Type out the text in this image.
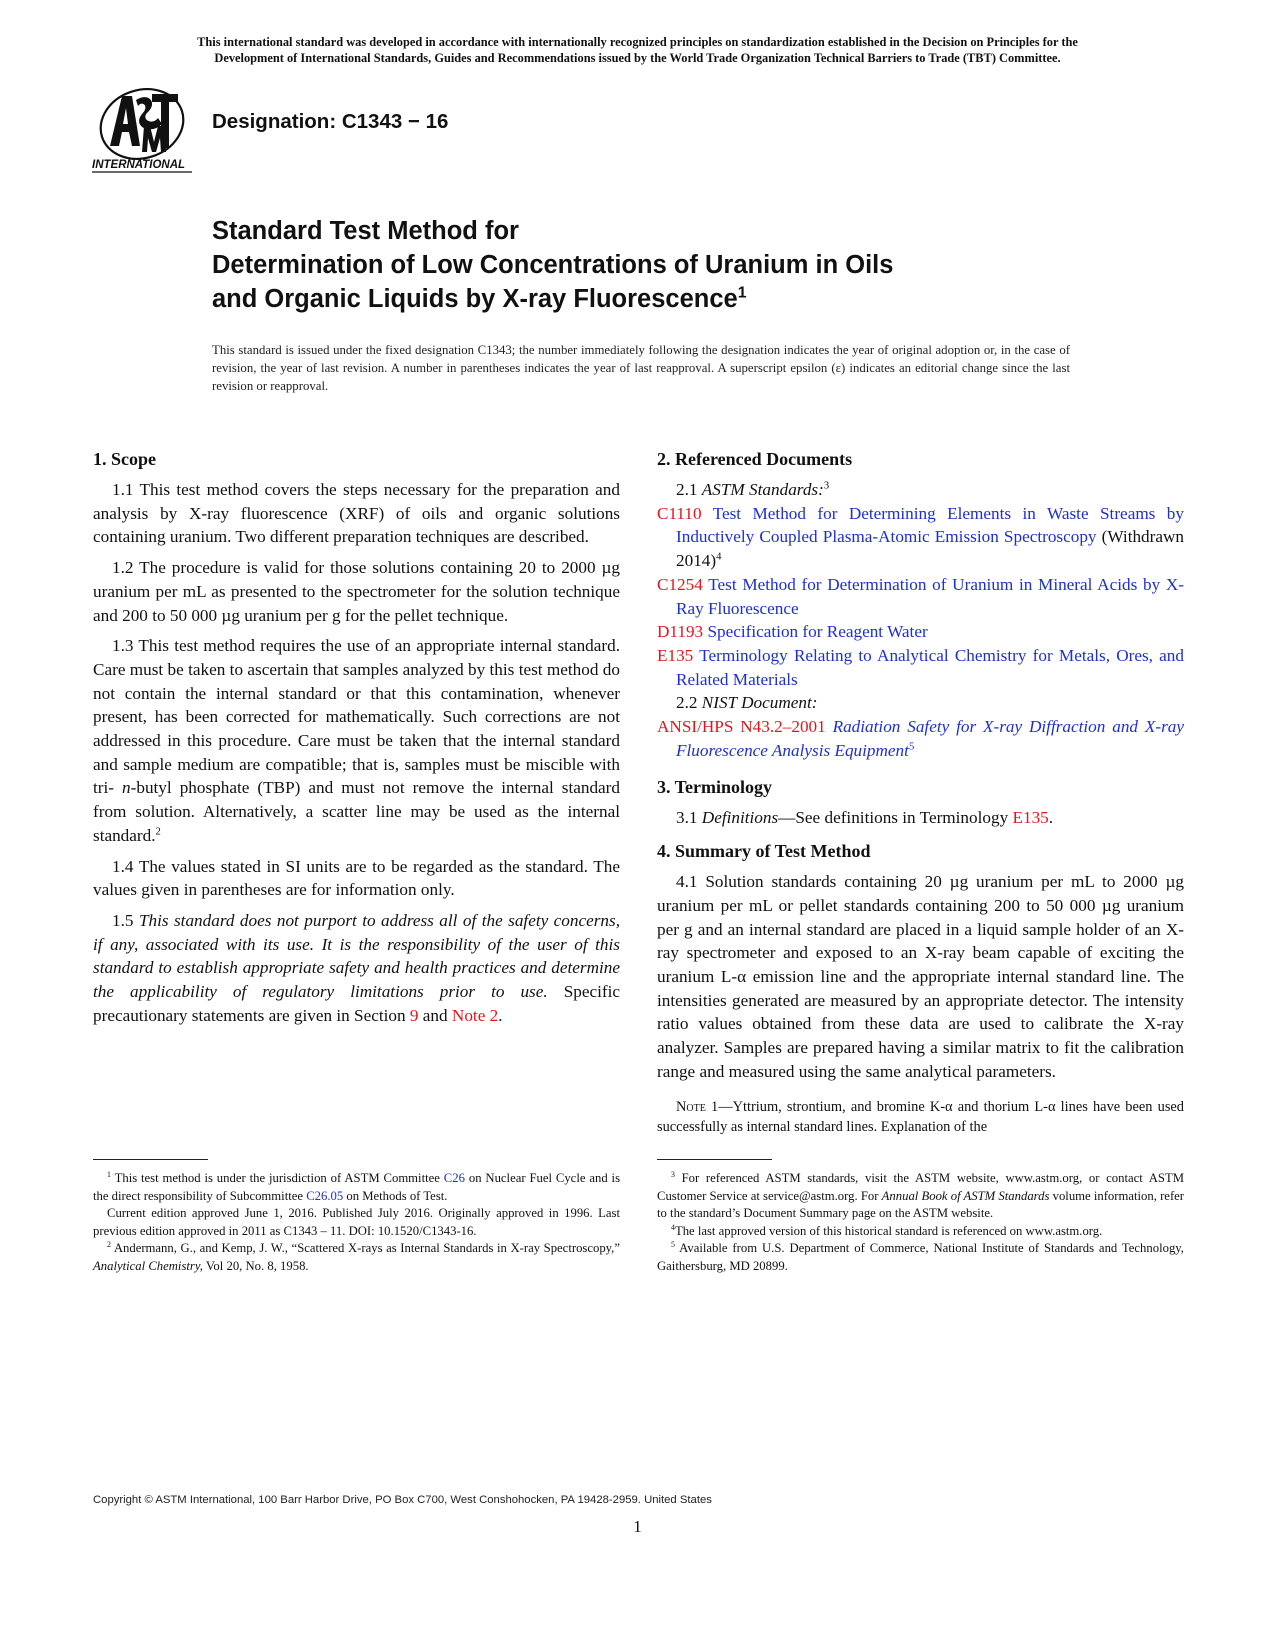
This international standard was developed in accordance with internationally recognized principles on standardization established in the Decision on Principles for the
Development of International Standards, Guides and Recommendations issued by the World Trade Organization Technical Barriers to Trade (TBT) Committee.
INTERNATIONAL
Designation: C1343 − 16
Standard Test Method for
Determination of Low Concentrations of Uranium in Oils
and Organic Liquids by X-ray Fluorescence$^1$
This standard is issued under the fixed designation C1343; the number immediately following the designation indicates the year of original adoption or, in the case of revision, the year of last revision. A number in parentheses indicates the year of last reapproval. A superscript epsilon (ε) indicates an editorial change since the last revision or reapproval.
1. Scope

1.1 This test method covers the steps necessary for the preparation and analysis by X-ray fluorescence (XRF) of oils and organic solutions containing uranium. Two different preparation techniques are described.

1.2 The procedure is valid for those solutions containing 20 to 2000 µg uranium per mL as presented to the spectrometer for the solution technique and 200 to 50 000 µg uranium per g for the pellet technique.

1.3 This test method requires the use of an appropriate internal standard. Care must be taken to ascertain that samples analyzed by this test method do not contain the internal standard or that this contamination, whenever present, has been corrected for mathematically. Such corrections are not addressed in this procedure. Care must be taken that the internal standard and sample medium are compatible; that is, samples must be miscible with tri- n-butyl phosphate (TBP) and must not remove the internal standard from solution. Alternatively, a scatter line may be used as the internal standard.$^2$

1.4 The values stated in SI units are to be regarded as the standard. The values given in parentheses are for information only.

1.5 This standard does not purport to address all of the safety concerns, if any, associated with its use. It is the responsibility of the user of this standard to establish appropriate safety and health practices and determine the applicability of regulatory limitations prior to use. Specific precautionary statements are given in Section 9 and Note 2.

2. Referenced Documents

2.1 ASTM Standards:$^3$

C1110 Test Method for Determining Elements in Waste Streams by Inductively Coupled Plasma-Atomic Emission Spectroscopy (Withdrawn 2014)$^4$

C1254 Test Method for Determination of Uranium in Mineral Acids by X-Ray Fluorescence

D1193 Specification for Reagent Water

E135 Terminology Relating to Analytical Chemistry for Metals, Ores, and Related Materials

2.2 NIST Document:

ANSI/HPS N43.2–2001 Radiation Safety for X-ray Diffraction and X-ray Fluorescence Analysis Equipment$^5$

3. Terminology

3.1 Definitions—See definitions in Terminology E135.

4. Summary of Test Method

4.1 Solution standards containing 20 µg uranium per mL to 2000 µg uranium per mL or pellet standards containing 200 to 50 000 µg uranium per g and an internal standard are placed in a liquid sample holder of an X-ray spectrometer and exposed to an X-ray beam capable of exciting the uranium L-α emission line and the appropriate internal standard line. The intensities generated are measured by an appropriate detector. The intensity ratio values obtained from these data are used to calibrate the X-ray analyzer. Samples are prepared having a similar matrix to fit the calibration range and measured using the same analytical parameters.

Note 1—Yttrium, strontium, and bromine K-α and thorium L-α lines have been used successfully as internal standard lines. Explanation of the

$^1$ This test method is under the jurisdiction of ASTM Committee C26 on Nuclear Fuel Cycle and is the direct responsibility of Subcommittee C26.05 on Methods of Test.

Current edition approved June 1, 2016. Published July 2016. Originally approved in 1996. Last previous edition approved in 2011 as C1343 – 11. DOI: 10.1520/C1343-16.

$^2$ Andermann, G., and Kemp, J. W., “Scattered X-rays as Internal Standards in X-ray Spectroscopy,” Analytical Chemistry, Vol 20, No. 8, 1958.

$^3$ For referenced ASTM standards, visit the ASTM website, www.astm.org, or contact ASTM Customer Service at service@astm.org. For Annual Book of ASTM Standards volume information, refer to the standard’s Document Summary page on the ASTM website.

$^4$The last approved version of this historical standard is referenced on www.astm.org.

$^5$ Available from U.S. Department of Commerce, National Institute of Standards and Technology, Gaithersburg, MD 20899.

Copyright © ASTM International, 100 Barr Harbor Drive, PO Box C700, West Conshohocken, PA 19428-2959. United States
1
